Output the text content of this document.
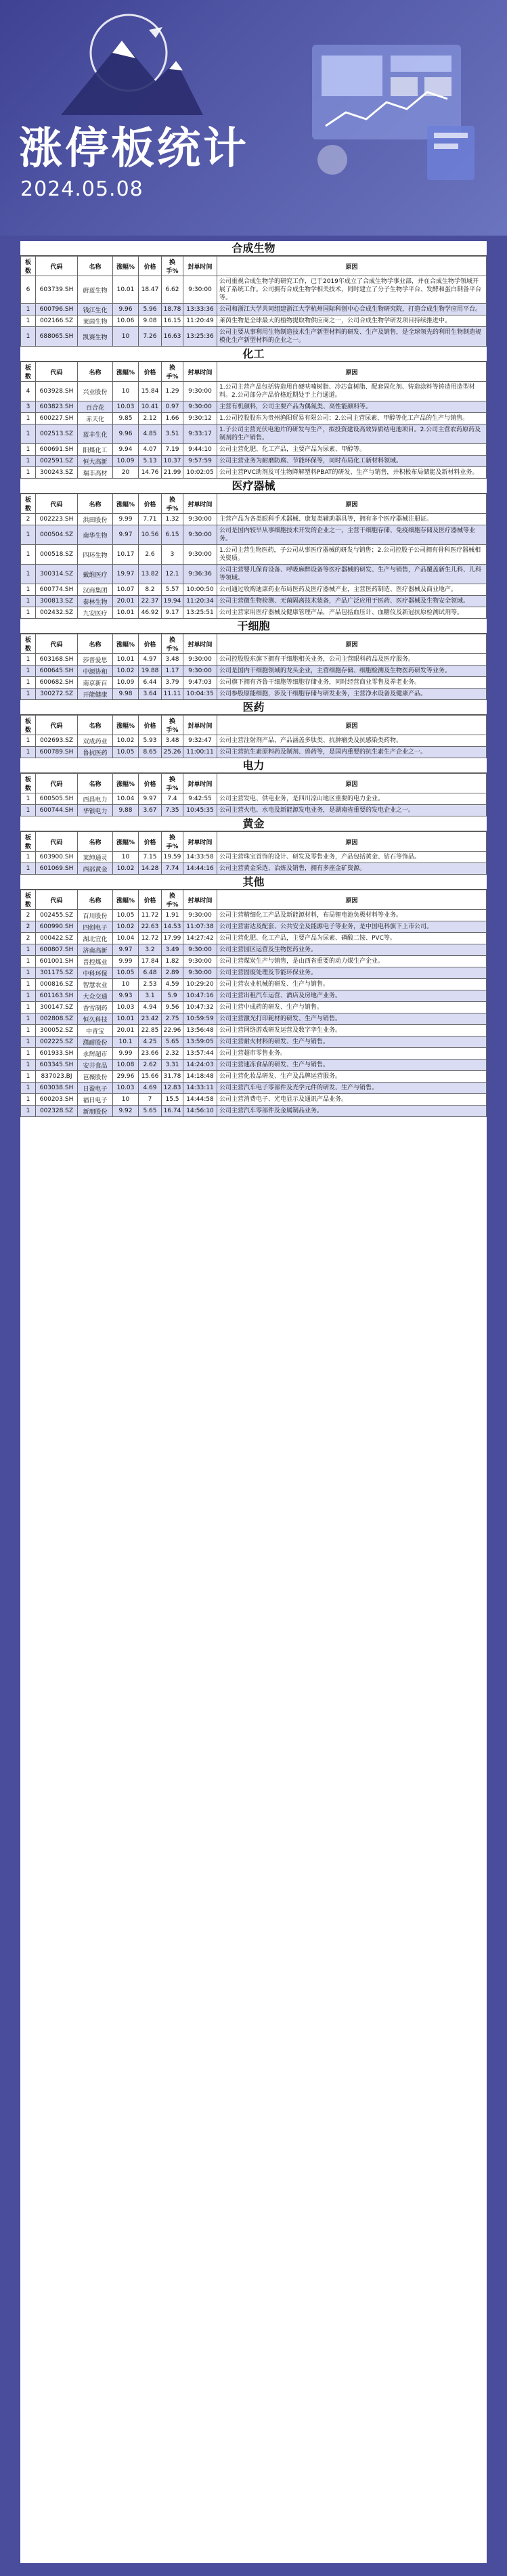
涨停板统计
2024.05.08
合成生物
板数	代码	名称	涨幅%	价格	换手%	封单时间	原因
6	603739.SH	蔚蓝生物	10.01	18.47	6.62	9:30:00	公司重视合成生物学的研究工作，已于2019年成立了合成生物学事业部，并在合成生物学领域开展了系统工作。公司拥有合成生物学相关技术，同时建立了分子生物学平台、发酵和蛋白制备平台等。
1	600796.SH	钱江生化	9.96	5.96	18.78	13:33:36	公司和浙江大学共同组建浙江大学杭州国际科创中心合成生物研究院，打造合成生物学应用平台。
1	002166.SZ	莱茵生物	10.06	9.08	16.15	11:20:49	莱茵生物是全球最大的植物提取物供应商之一，公司合成生物学研发项目持续推进中。
1	688065.SH	凯赛生物	10	7.26	16.63	13:25:36	公司主要从事利用生物制造技术生产新型材料的研发、生产及销售，是全球领先的利用生物制造规模化生产新型材料的企业之一。
化工
板数	代码	名称	涨幅%	价格	换手%	封单时间	原因
4	603928.SH	兴业股份	10	15.84	1.29	9:30:00	1.公司主营产品包括铸造用自硬呋喃树脂、冷芯盒树脂、配套固化剂、铸造涂料等铸造用造型材料。2.公司部分产品价格近期处于上行通道。
3	603823.SH	百合花	10.03	10.41	0.97	9:30:00	主营有机颜料，公司主要产品为偶氮类、高性能颜料等。
1	600227.SH	赤天化	9.85	2.12	1.66	9:30:12	1.公司控股股东为贵州渔阳贸易有限公司；2.公司主营尿素、甲醇等化工产品的生产与销售。
1	002513.SZ	蓝丰生化	9.96	4.85	3.51	9:33:17	1.子公司主营光伏电池片的研发与生产，拟投资建设高效异质结电池项目。2.公司主营农药原药及制剂的生产销售。
1	600691.SH	阳煤化工	9.94	4.07	7.19	9:44:10	公司主营化肥、化工产品，主要产品为尿素、甲醇等。
1	002591.SZ	恒大高新	10.09	5.13	10.37	9:57:59	公司主营业务为耐磨防腐、节能环保等，同时布局化工新材料领域。
1	300243.SZ	瑞丰高材	20	14.76	21.99	10:02:05	公司主营PVC助剂及可生物降解塑料PBAT的研发、生产与销售，并积极布局储能及新材料业务。
医疗器械
板数	代码	名称	涨幅%	价格	换手%	封单时间	原因
2	002223.SH	洪田股份	9.99	7.71	1.32	9:30:00	主营产品为各类眼科手术器械、康复类辅助器具等，拥有多个医疗器械注册证。
1	000504.SZ	南华生物	9.97	10.56	6.15	9:30:00	公司是国内较早从事细胞技术开发的企业之一，主营干细胞存储、免疫细胞存储及医疗器械等业务。
1	000518.SZ	四环生物	10.17	2.6	3	9:30:00	1.公司主营生物医药，子公司从事医疗器械的研发与销售；2.公司控股子公司拥有骨科医疗器械相关资质。
1	300314.SZ	戴维医疗	19.97	13.82	12.1	9:36:36	公司主营婴儿保育设备、呼吸麻醉设备等医疗器械的研发、生产与销售，产品覆盖新生儿科、儿科等领域。
1	600774.SH	汉商集团	10.07	8.2	5.57	10:00:50	公司通过收购迪康药业布局医药及医疗器械产业，主营医药制造、医疗器械及商业地产。
1	300813.SZ	泰林生物	20.01	22.37	19.94	11:20:34	公司主营微生物检测、无菌隔离技术装备，产品广泛应用于医药、医疗器械及生物安全领域。
1	002432.SZ	九安医疗	10.01	46.92	9.17	13:25:51	公司主营家用医疗器械及健康管理产品，产品包括血压计、血糖仪及新冠抗原检测试剂等。
干细胞
板数	代码	名称	涨幅%	价格	换手%	封单时间	原因
1	603168.SH	莎普爱思	10.01	4.97	3.48	9:30:00	公司控股股东旗下拥有干细胞相关业务，公司主营眼科药品及医疗服务。
1	600645.SH	中源协和	10.02	19.88	1.17	9:30:00	公司是国内干细胞领域的龙头企业，主营细胞存储、细胞检测及生物医药研发等业务。
1	600682.SH	南京新百	10.09	6.44	3.79	9:47:03	公司旗下拥有齐鲁干细胞等细胞存储业务，同时经营商业零售及养老业务。
1	300272.SZ	开能健康	9.98	3.64	11.11	10:04:35	公司参股原能细胞，涉及干细胞存储与研发业务，主营净水设备及健康产品。
医药
板数	代码	名称	涨幅%	价格	换手%	封单时间	原因
1	002693.SZ	双成药业	10.02	5.93	3.48	9:32:47	公司主营注射剂产品，产品涵盖多肽类、抗肿瘤类及抗感染类药物。
1	600789.SH	鲁抗医药	10.05	8.65	25.26	11:00:11	公司主营抗生素原料药及制剂、兽药等，是国内重要的抗生素生产企业之一。
电力
板数	代码	名称	涨幅%	价格	换手%	封单时间	原因
1	600505.SH	西昌电力	10.04	9.97	7.4	9:42:55	公司主营发电、供电业务，是四川凉山地区重要的电力企业。
1	600744.SH	华银电力	9.88	3.67	7.35	10:45:35	公司主营火电、水电及新能源发电业务，是湖南省重要的发电企业之一。
黄金
板数	代码	名称	涨幅%	价格	换手%	封单时间	原因
1	603900.SH	莱绅通灵	10	7.15	19.59	14:33:58	公司主营珠宝首饰的设计、研发及零售业务，产品包括黄金、钻石等饰品。
1	601069.SH	西部黄金	10.02	14.28	7.74	14:44:16	公司主营黄金采选、冶炼及销售，拥有多座金矿资源。
其他
板数	代码	名称	涨幅%	价格	换手%	封单时间	原因
2	002455.SZ	百川股份	10.05	11.72	1.91	9:30:00	公司主营精细化工产品及新能源材料，布局锂电池负极材料等业务。
2	600990.SH	四创电子	10.02	22.63	14.53	11:07:38	公司主营雷达及配套、公共安全及能源电子等业务，是中国电科旗下上市公司。
2	000422.SZ	湖北宜化	10.04	12.72	17.99	14:27:42	公司主营化肥、化工产品，主要产品为尿素、磷酸二铵、PVC等。
1	600807.SH	济南高新	9.97	3.2	3.49	9:30:00	公司主营园区运营及生物医药业务。
1	601001.SH	晋控煤业	9.99	17.84	1.82	9:30:00	公司主营煤炭生产与销售，是山西省重要的动力煤生产企业。
1	301175.SZ	中科环保	10.05	6.48	2.89	9:30:00	公司主营固废处理及节能环保业务。
1	000816.SZ	智慧农业	10	2.53	4.59	10:29:20	公司主营农业机械的研发、生产与销售。
1	601163.SH	大众交通	9.93	3.1	5.9	10:47:16	公司主营出租汽车运营、酒店及房地产业务。
1	300147.SZ	香雪制药	10.03	4.94	9.56	10:47:32	公司主营中成药的研发、生产与销售。
1	002808.SZ	恒久科技	10.01	23.42	2.75	10:59:59	公司主营激光打印耗材的研发、生产与销售。
1	300052.SZ	中青宝	20.01	22.85	22.96	13:56:48	公司主营网络游戏研发运营及数字孪生业务。
1	002225.SZ	濮耐股份	10.1	4.25	5.65	13:59:05	公司主营耐火材料的研发、生产与销售。
1	601933.SH	永辉超市	9.99	23.66	2.32	13:57:44	公司主营超市零售业务。
1	603345.SH	安井食品	10.08	2.62	3.31	14:24:03	公司主营速冻食品的研发、生产与销售。
1	837023.BJ	芭薇股份	29.96	15.66	31.78	14:18:48	公司主营化妆品研发、生产及品牌运营服务。
1	603038.SH	日盈电子	10.03	4.69	12.83	14:33:11	公司主营汽车电子零部件及光学元件的研发、生产与销售。
1	600203.SH	福日电子	10	7	15.5	14:44:58	公司主营消费电子、光电显示及通讯产品业务。
1	002328.SZ	新朋股份	9.92	5.65	16.74	14:56:10	公司主营汽车零部件及金属制品业务。
